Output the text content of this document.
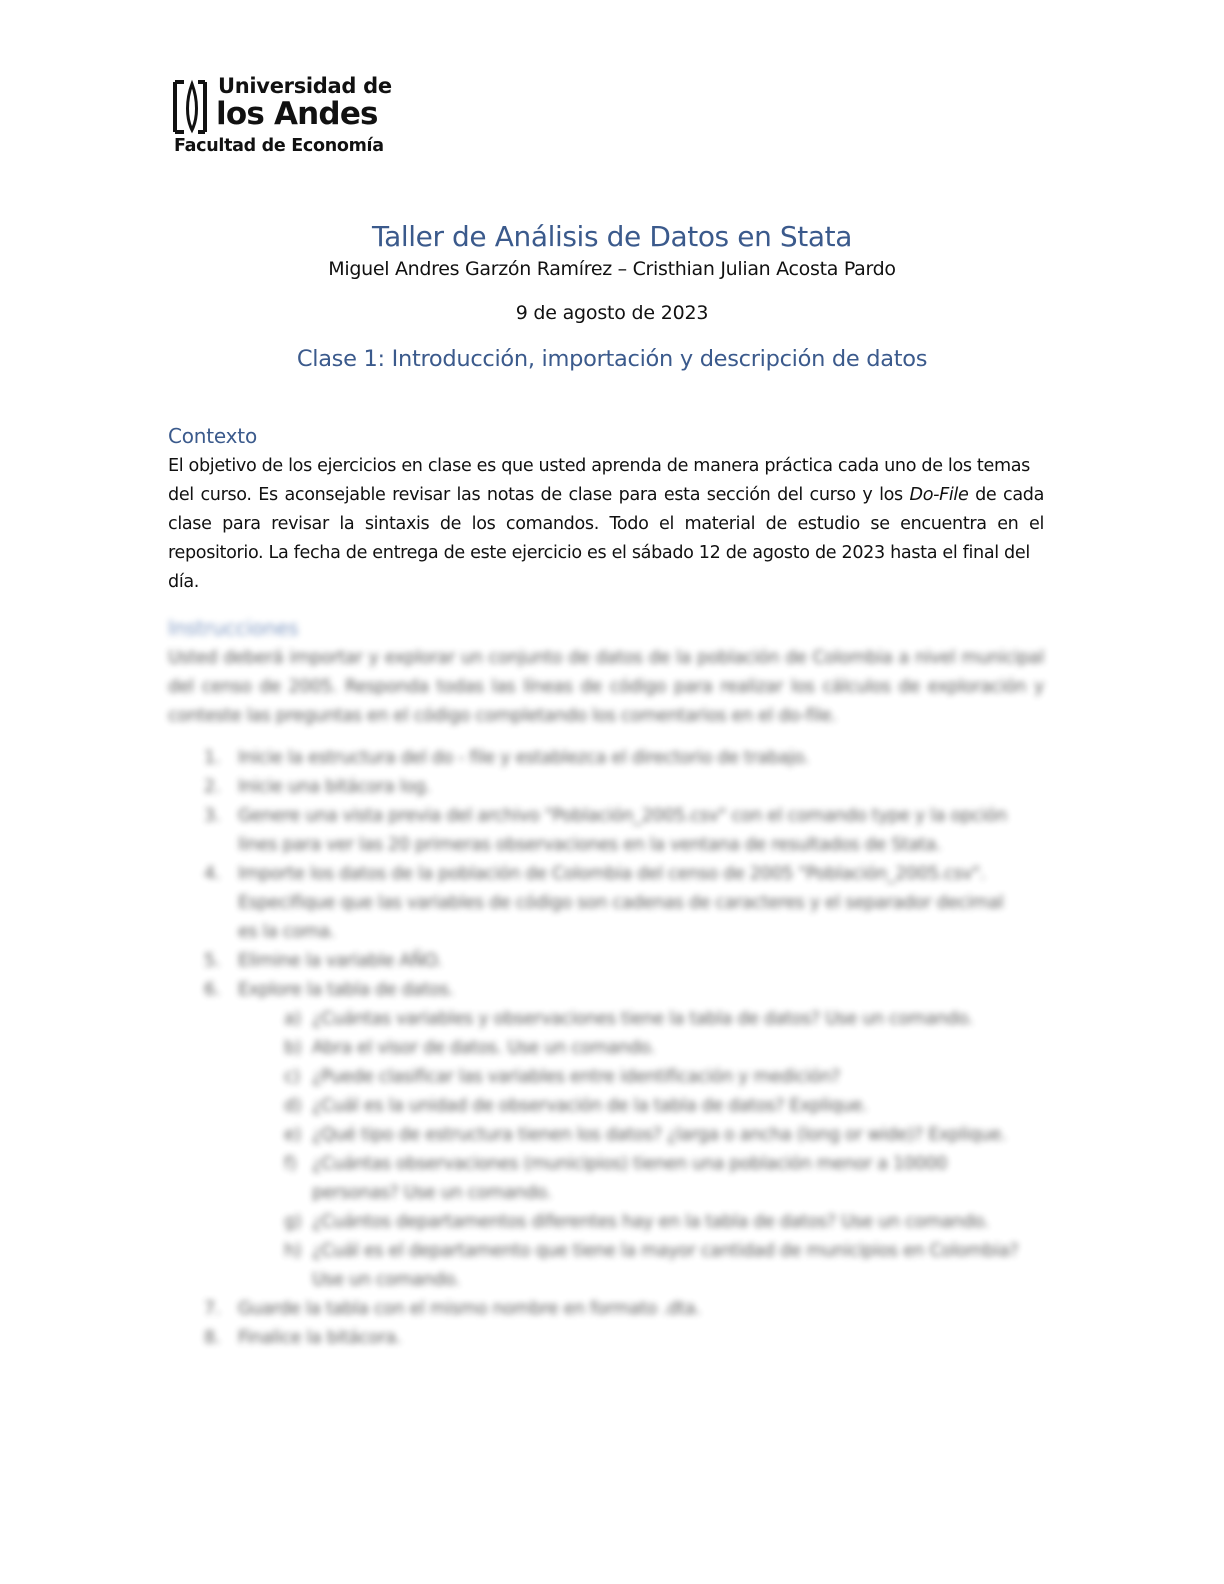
Universidad de
los Andes
Facultad de Economía
Taller de Análisis de Datos en Stata
Miguel Andres Garzón Ramírez – Cristhian Julian Acosta Pardo
9 de agosto de 2023
Clase 1: Introducción, importación y descripción de datos
Contexto
El objetivo de los ejercicios en clase es que usted aprenda de manera práctica cada uno de los temas
del curso. Es aconsejable revisar las notas de clase para esta sección del curso y los Do-File de cada
clase para revisar la sintaxis de los comandos. Todo el material de estudio se encuentra en el
repositorio. La fecha de entrega de este ejercicio es el sábado 12 de agosto de 2023 hasta el final del
día.
Instrucciones
Usted deberá importar y explorar un conjunto de datos de la población de Colombia a nivel municipal
del censo de 2005. Responda todas las líneas de código para realizar los cálculos de exploración y
conteste las preguntas en el código completando los comentarios en el do-file.
1. Inicie la estructura del do - file y establezca el directorio de trabajo.
2. Inicie una bitácora log.
3. Genere una vista previa del archivo "Población_2005.csv" con el comando type y la opción
lines para ver las 20 primeras observaciones en la ventana de resultados de Stata.
4. Importe los datos de la población de Colombia del censo de 2005 "Población_2005.csv".
Especifique que las variables de código son cadenas de caracteres y el separador decimal
es la coma.
5. Elimine la variable AÑO.
6. Explore la tabla de datos.
a) ¿Cuántas variables y observaciones tiene la tabla de datos? Use un comando.
b) Abra el visor de datos. Use un comando.
c) ¿Puede clasificar las variables entre identificación y medición?
d) ¿Cuál es la unidad de observación de la tabla de datos? Explique.
e) ¿Qué tipo de estructura tienen los datos? ¿larga o ancha (long or wide)? Explique.
f) ¿Cuántas observaciones (municipios) tienen una población menor a 10000
personas? Use un comando.
g) ¿Cuántos departamentos diferentes hay en la tabla de datos? Use un comando.
h) ¿Cuál es el departamento que tiene la mayor cantidad de municipios en Colombia?
Use un comando.
7. Guarde la tabla con el mismo nombre en formato .dta.
8. Finalice la bitácora.
